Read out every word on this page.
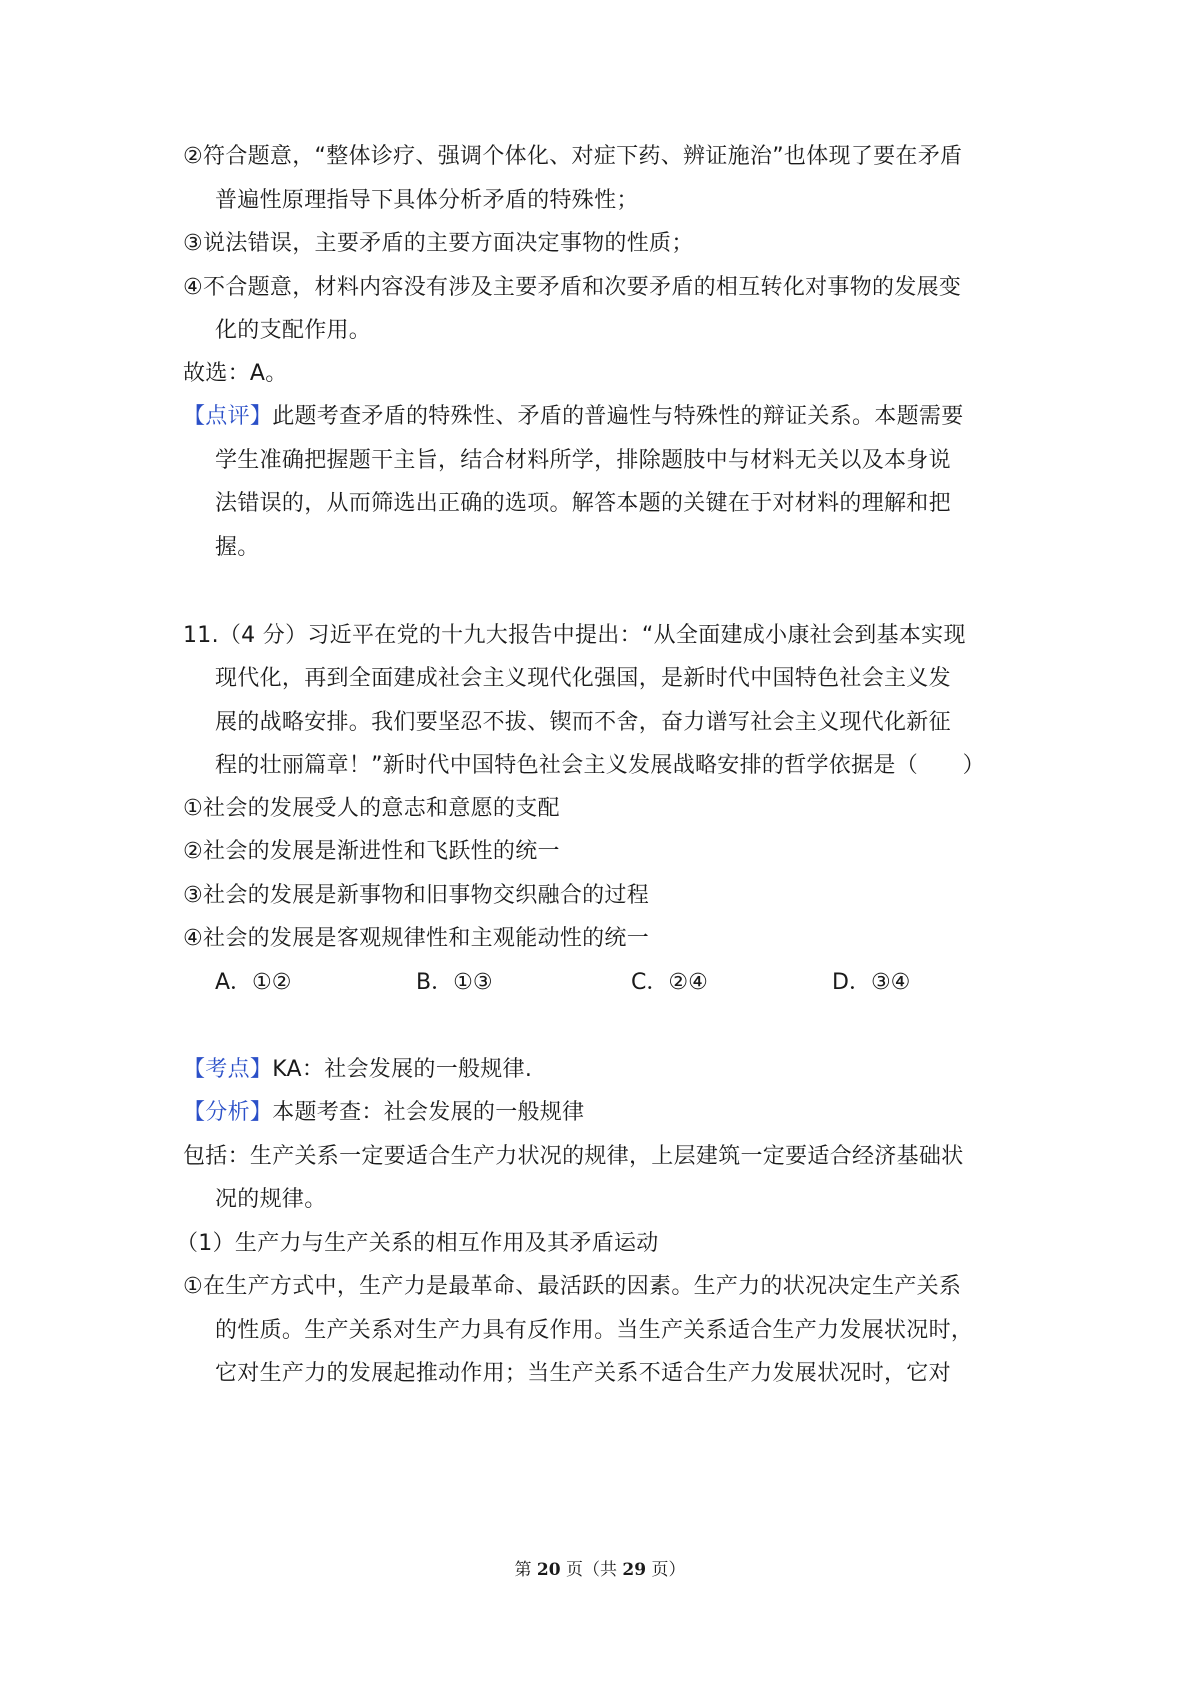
②符合题意，“整体诊疗、强调个体化、对症下药、辨证施治”也体现了要在矛盾
普遍性原理指导下具体分析矛盾的特殊性；
③说法错误，主要矛盾的主要方面决定事物的性质；
④不合题意，材料内容没有涉及主要矛盾和次要矛盾的相互转化对事物的发展变
化的支配作用。
故选：A。
【点评】此题考查矛盾的特殊性、矛盾的普遍性与特殊性的辩证关系。本题需要
学生准确把握题干主旨，结合材料所学，排除题肢中与材料无关以及本身说
法错误的，从而筛选出正确的选项。解答本题的关键在于对材料的理解和把
握。
11.（4 分）习近平在党的十九大报告中提出：“从全面建成小康社会到基本实现
现代化，再到全面建成社会主义现代化强国，是新时代中国特色社会主义发
展的战略安排。我们要坚忍不拔、锲而不舍，奋力谱写社会主义现代化新征
程的壮丽篇章！”新时代中国特色社会主义发展战略安排的哲学依据是（　　）
①社会的发展受人的意志和意愿的支配
②社会的发展是渐进性和飞跃性的统一
③社会的发展是新事物和旧事物交织融合的过程
④社会的发展是客观规律性和主观能动性的统一
A．①②	B．①③	C．②④	D．③④
【考点】KA：社会发展的一般规律.
【分析】本题考查：社会发展的一般规律
包括：生产关系一定要适合生产力状况的规律，上层建筑一定要适合经济基础状
况的规律。
（1）生产力与生产关系的相互作用及其矛盾运动
①在生产方式中，生产力是最革命、最活跃的因素。生产力的状况决定生产关系
的性质。生产关系对生产力具有反作用。当生产关系适合生产力发展状况时，
它对生产力的发展起推动作用；当生产关系不适合生产力发展状况时，它对
第 20 页（共 29 页）
